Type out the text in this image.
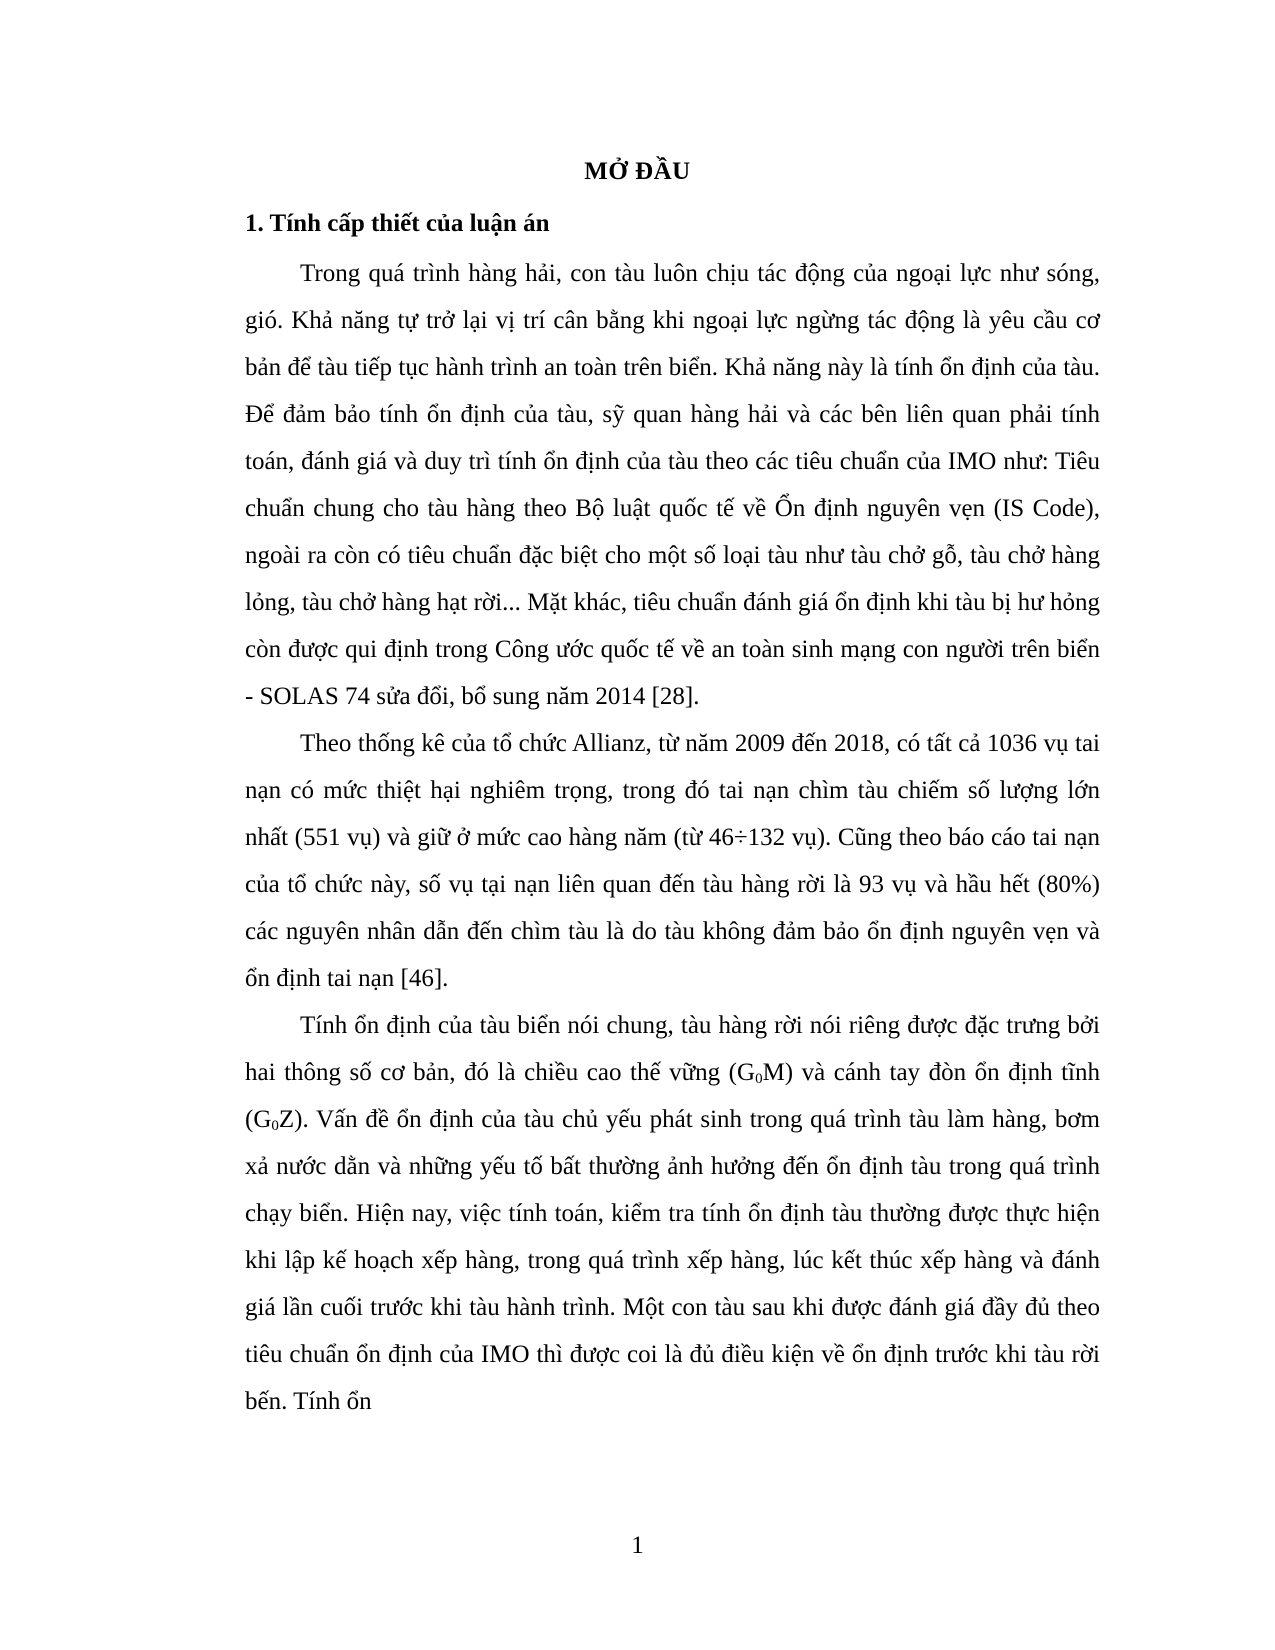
MỞ ĐẦU
1. Tính cấp thiết của luận án

Trong quá trình hàng hải, con tàu luôn chịu tác động của ngoại lực như sóng, gió. Khả năng tự trở lại vị trí cân bằng khi ngoại lực ngừng tác động là yêu cầu cơ bản để tàu tiếp tục hành trình an toàn trên biển. Khả năng này là tính ổn định của tàu. Để đảm bảo tính ổn định của tàu, sỹ quan hàng hải và các bên liên quan phải tính toán, đánh giá và duy trì tính ổn định của tàu theo các tiêu chuẩn của IMO như: Tiêu chuẩn chung cho tàu hàng theo Bộ luật quốc tế về Ổn định nguyên vẹn (IS Code), ngoài ra còn có tiêu chuẩn đặc biệt cho một số loại tàu như tàu chở gỗ, tàu chở hàng lỏng, tàu chở hàng hạt rời... Mặt khác, tiêu chuẩn đánh giá ổn định khi tàu bị hư hỏng còn được qui định trong Công ước quốc tế về an toàn sinh mạng con người trên biển - SOLAS 74 sửa đổi, bổ sung năm 2014 [28].

Theo thống kê của tổ chức Allianz, từ năm 2009 đến 2018, có tất cả 1036 vụ tai nạn có mức thiệt hại nghiêm trọng, trong đó tai nạn chìm tàu chiếm số lượng lớn nhất (551 vụ) và giữ ở mức cao hàng năm (từ 46÷132 vụ). Cũng theo báo cáo tai nạn của tổ chức này, số vụ tại nạn liên quan đến tàu hàng rời là 93 vụ và hầu hết (80%) các nguyên nhân dẫn đến chìm tàu là do tàu không đảm bảo ổn định nguyên vẹn và ổn định tai nạn [46].

Tính ổn định của tàu biển nói chung, tàu hàng rời nói riêng được đặc trưng bởi hai thông số cơ bản, đó là chiều cao thế vững $(G_0M)$ và cánh tay đòn ổn định tĩnh $(G_0Z)$. Vấn đề ổn định của tàu chủ yếu phát sinh trong quá trình tàu làm hàng, bơm xả nước dằn và những yếu tố bất thường ảnh hưởng đến ổn định tàu trong quá trình chạy biển. Hiện nay, việc tính toán, kiểm tra tính ổn định tàu thường được thực hiện khi lập kế hoạch xếp hàng, trong quá trình xếp hàng, lúc kết thúc xếp hàng và đánh giá lần cuối trước khi tàu hành trình. Một con tàu sau khi được đánh giá đầy đủ theo tiêu chuẩn ổn định của IMO thì được coi là đủ điều kiện về ổn định trước khi tàu rời bến. Tính ổn

1
